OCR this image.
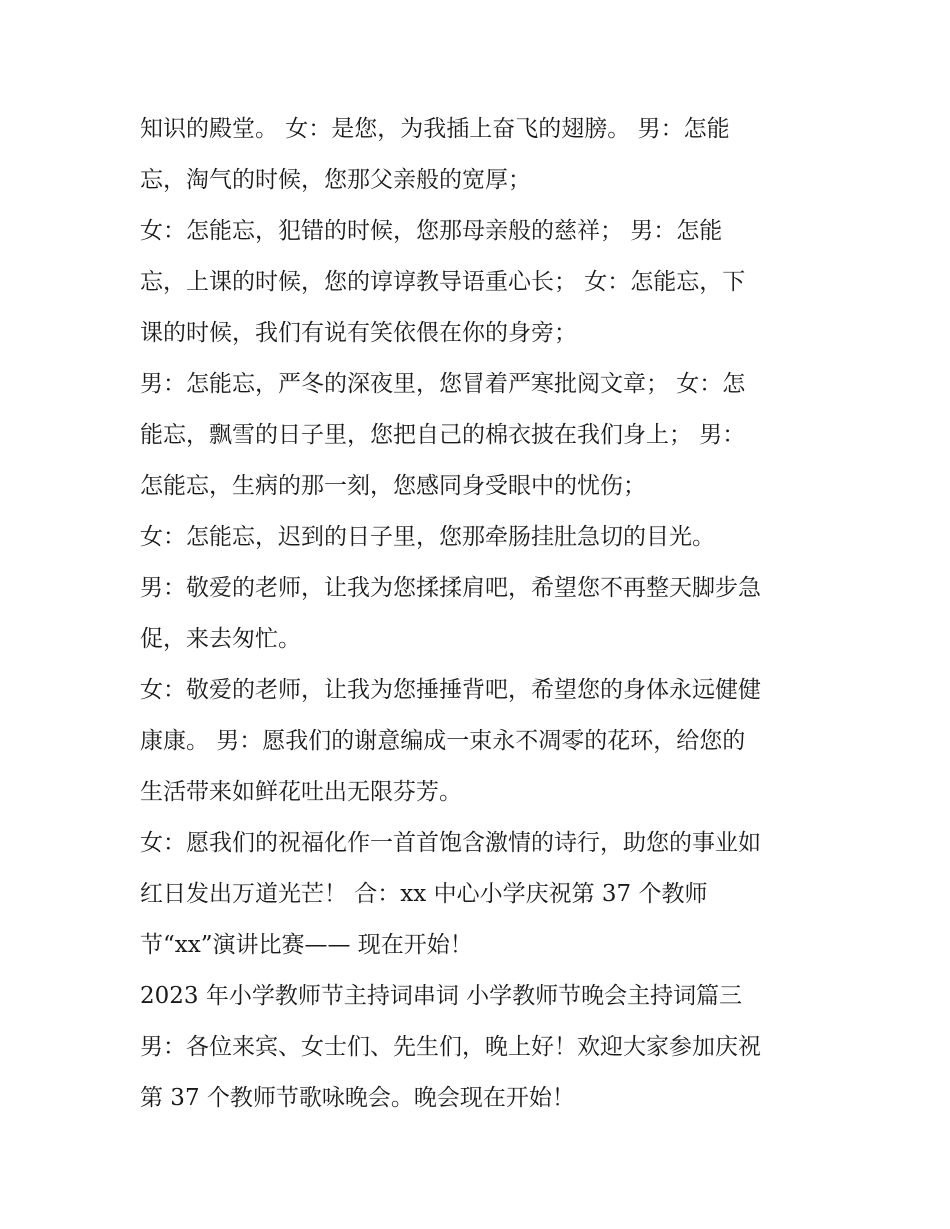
知识的殿堂。 女：是您，为我插上奋飞的翅膀。 男：怎能
忘，淘气的时候，您那父亲般的宽厚；
女：怎能忘，犯错的时候，您那母亲般的慈祥； 男：怎能
忘，上课的时候，您的谆谆教导语重心长； 女：怎能忘，下
课的时候，我们有说有笑依偎在你的身旁；
男：怎能忘，严冬的深夜里，您冒着严寒批阅文章； 女：怎
能忘，飘雪的日子里，您把自己的棉衣披在我们身上； 男：
怎能忘，生病的那一刻，您感同身受眼中的忧伤；
女：怎能忘，迟到的日子里，您那牵肠挂肚急切的目光。
男：敬爱的老师，让我为您揉揉肩吧，希望您不再整天脚步急
促，来去匆忙。
女：敬爱的老师，让我为您捶捶背吧，希望您的身体永远健健
康康。 男：愿我们的谢意编成一束永不凋零的花环，给您的
生活带来如鲜花吐出无限芬芳。
女：愿我们的祝福化作一首首饱含激情的诗行，助您的事业如
红日发出万道光芒！ 合：xx 中心小学庆祝第 37 个教师
节“xx”演讲比赛—— 现在开始！
2023 年小学教师节主持词串词 小学教师节晚会主持词篇三
男：各位来宾、女士们、先生们，晚上好！欢迎大家参加庆祝
第 37 个教师节歌咏晚会。晚会现在开始！
